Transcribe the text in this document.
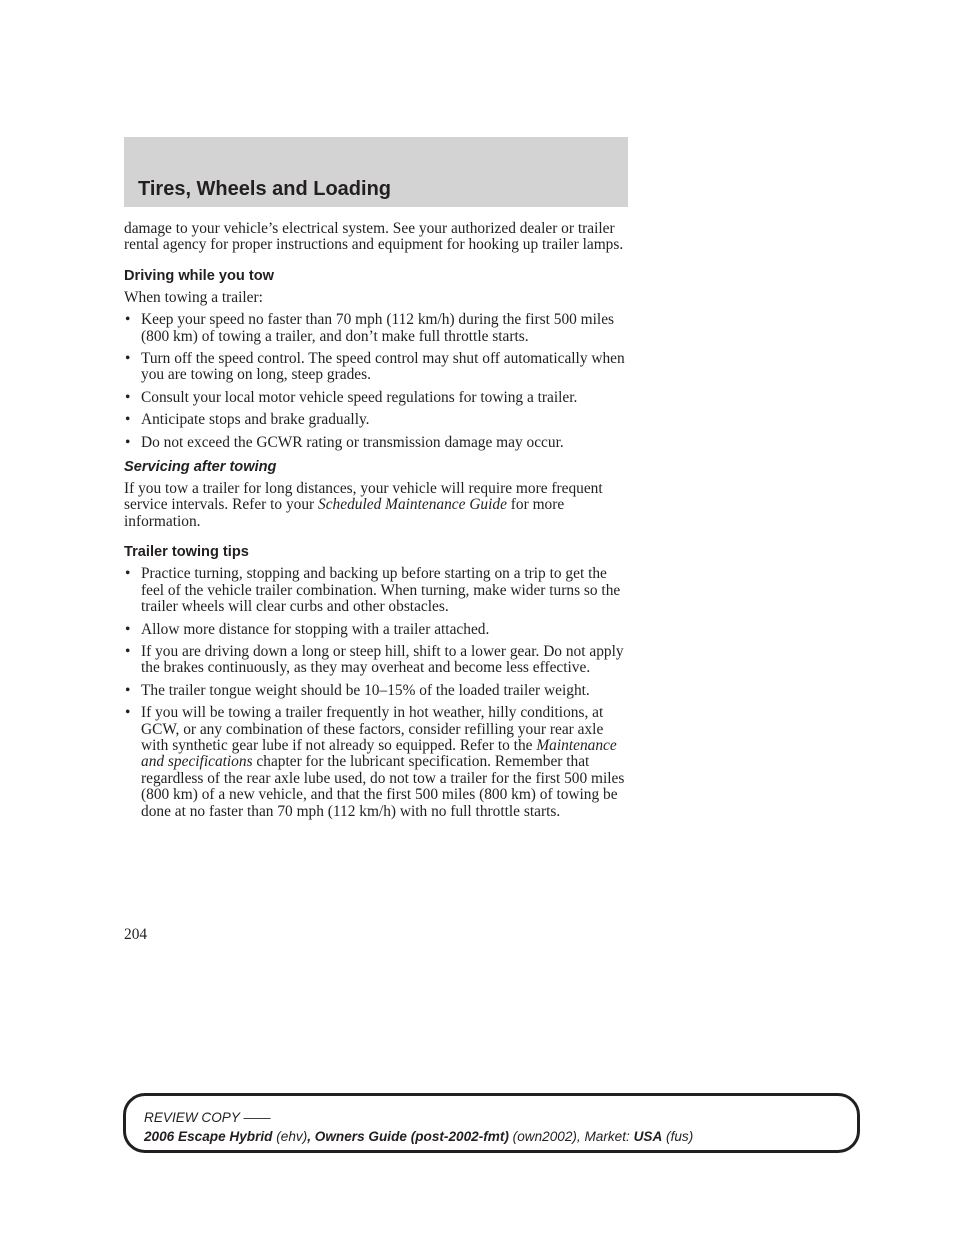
Tires, Wheels and Loading

damage to your vehicle’s electrical system. See your authorized dealer or trailer rental agency for proper instructions and equipment for hooking up trailer lamps.

Driving while you tow

When towing a trailer:

• Keep your speed no faster than 70 mph (112 km/h) during the first 500 miles (800 km) of towing a trailer, and don’t make full throttle starts.
• Turn off the speed control. The speed control may shut off automatically when you are towing on long, steep grades.
• Consult your local motor vehicle speed regulations for towing a trailer.
• Anticipate stops and brake gradually.
• Do not exceed the GCWR rating or transmission damage may occur.
Servicing after towing

If you tow a trailer for long distances, your vehicle will require more frequent service intervals. Refer to your Scheduled Maintenance Guide for more information.

Trailer towing tips
• Practice turning, stopping and backing up before starting on a trip to get the feel of the vehicle trailer combination. When turning, make wider turns so the trailer wheels will clear curbs and other obstacles.
• Allow more distance for stopping with a trailer attached.
• If you are driving down a long or steep hill, shift to a lower gear. Do not apply the brakes continuously, as they may overheat and become less effective.
• The trailer tongue weight should be 10–15% of the loaded trailer weight.
• If you will be towing a trailer frequently in hot weather, hilly conditions, at GCW, or any combination of these factors, consider refilling your rear axle with synthetic gear lube if not already so equipped. Refer to the Maintenance and specifications chapter for the lubricant specification. Remember that regardless of the rear axle lube used, do not tow a trailer for the first 500 miles (800 km) of a new vehicle, and that the first 500 miles (800 km) of towing be done at no faster than 70 mph (112 km/h) with no full throttle starts.
204
REVIEW COPY ——
2006 Escape Hybrid (ehv), Owners Guide (post-2002-fmt) (own2002), Market: USA (fus)
